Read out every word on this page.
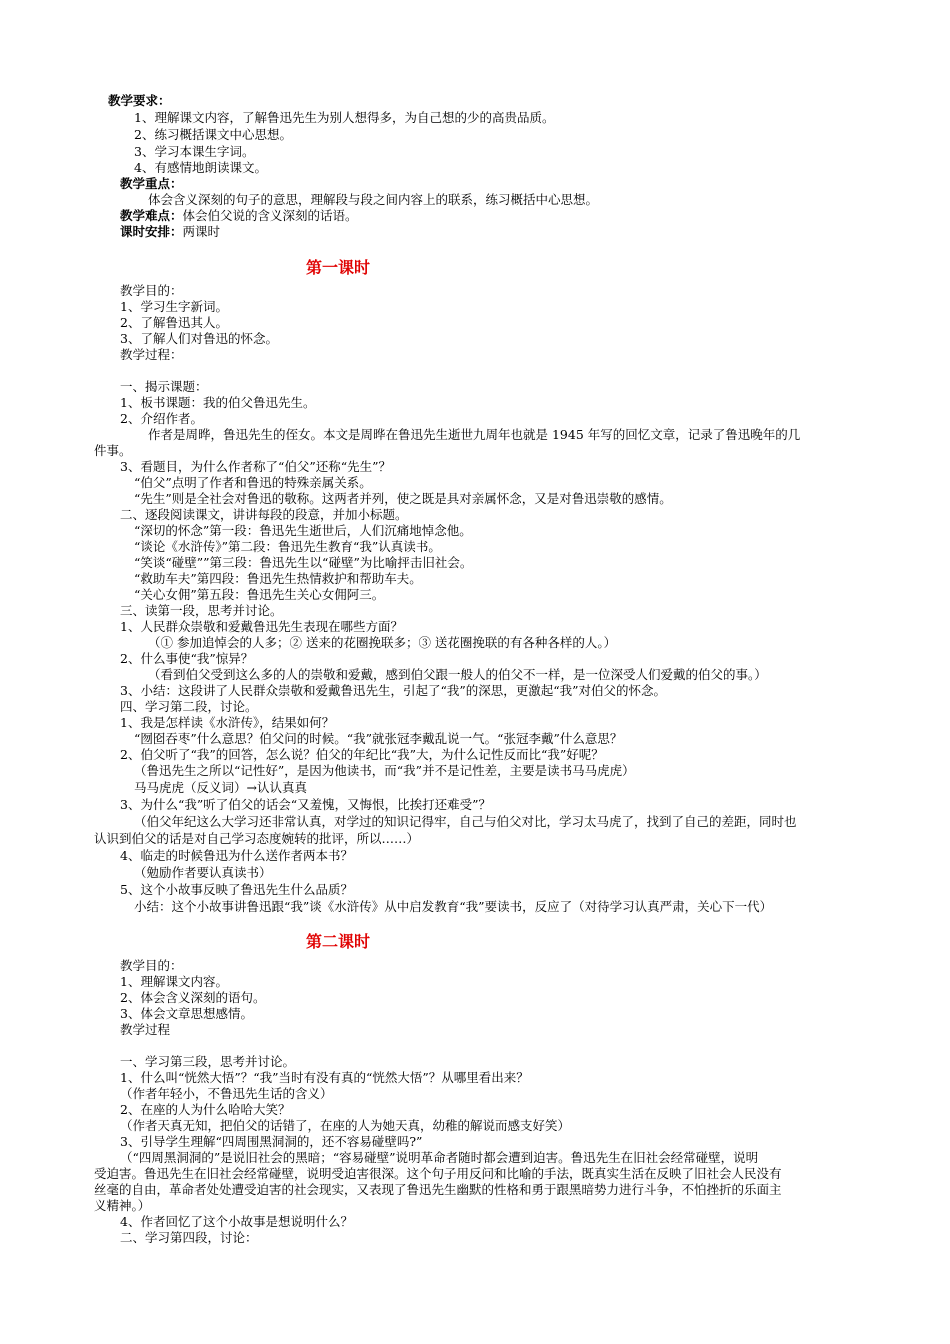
教学要求：
1、理解课文内容，了解鲁迅先生为别人想得多，为自己想的少的高贵品质。
2、练习概括课文中心思想。
3、学习本课生字词。
4、有感情地朗读课文。
教学重点：
体会含义深刻的句子的意思，理解段与段之间内容上的联系，练习概括中心思想。
教学难点：体会伯父说的含义深刻的话语。
课时安排：两课时
第一课时
教学目的：
1、学习生字新词。
2、了解鲁迅其人。
3、了解人们对鲁迅的怀念。
教学过程：
一、揭示课题：
1、板书课题：我的伯父鲁迅先生。
2、介绍作者。
作者是周晔，鲁迅先生的侄女。本文是周晔在鲁迅先生逝世九周年也就是 1945 年写的回忆文章，记录了鲁迅晚年的几
件事。
3、看题目，为什么作者称了“伯父”还称“先生”？
“伯父”点明了作者和鲁迅的特殊亲属关系。
“先生”则是全社会对鲁迅的敬称。这两者并列，使之既是具对亲属怀念，又是对鲁迅崇敬的感情。
二、逐段阅读课文，讲讲每段的段意，并加小标题。
“深切的怀念”第一段：鲁迅先生逝世后，人们沉痛地悼念他。
“谈论《水浒传》”第二段：鲁迅先生教育“我”认真读书。
“笑谈“碰壁””第三段：鲁迅先生以“碰壁”为比喻抨击旧社会。
“救助车夫”第四段：鲁迅先生热情救护和帮助车夫。
“关心女佣”第五段：鲁迅先生关心女佣阿三。
三、读第一段，思考并讨论。
1、人民群众崇敬和爱戴鲁迅先生表现在哪些方面？
（① 参加追悼会的人多；② 送来的花圈挽联多；③ 送花圈挽联的有各种各样的人。）
2、什么事使“我”惊异？
（看到伯父受到这么多的人的崇敬和爱戴，感到伯父跟一般人的伯父不一样，是一位深受人们爱戴的伯父的事。）
3、小结：这段讲了人民群众崇敬和爱戴鲁迅先生，引起了“我”的深思，更激起“我”对伯父的怀念。
四、学习第二段，讨论。
1、我是怎样读《水浒传》，结果如何？
“囫囵吞枣”什么意思？伯父问的时候。“我”就张冠李戴乱说一气。“张冠李戴”什么意思？
2、伯父听了“我”的回答，怎么说？伯父的年纪比“我”大，为什么记性反而比“我”好呢？
（鲁迅先生之所以“记性好”，是因为他读书，而“我”并不是记性差，主要是读书马马虎虎）
马马虎虎（反义词）→认认真真
3、为什么“我”听了伯父的话会“又羞愧，又悔恨，比挨打还难受”？
（伯父年纪这么大学习还非常认真，对学过的知识记得牢，自己与伯父对比，学习太马虎了，找到了自己的差距，同时也
认识到伯父的话是对自己学习态度婉转的批评，所以……）
4、临走的时候鲁迅为什么送作者两本书？
（勉励作者要认真读书）
5、这个小故事反映了鲁迅先生什么品质？
小结：这个小故事讲鲁迅跟“我”谈《水浒传》从中启发教育“我”要读书，反应了（对待学习认真严肃，关心下一代）
第二课时
教学目的：
1、理解课文内容。
2、体会含义深刻的语句。
3、体会文章思想感情。
教学过程
一、学习第三段，思考并讨论。
1、什么叫“恍然大悟”？“我”当时有没有真的“恍然大悟”？从哪里看出来？
（作者年轻小，不鲁迅先生话的含义）
2、在座的人为什么哈哈大笑？
（作者天真无知，把伯父的话错了，在座的人为她天真，幼稚的解说而感支好笑）
3、引导学生理解“四周围黑洞洞的，还不容易碰壁吗?”
（“四周黑洞洞的”是说旧社会的黑暗；“容易碰壁”说明革命者随时都会遭到迫害。鲁迅先生在旧社会经常碰壁，说明
受迫害。鲁迅先生在旧社会经常碰壁，说明受迫害很深。这个句子用反问和比喻的手法，既真实生活在反映了旧社会人民没有
丝毫的自由，革命者处处遭受迫害的社会现实，又表现了鲁迅先生幽默的性格和勇于跟黑暗势力进行斗争，不怕挫折的乐面主
义精神。）
4、作者回忆了这个小故事是想说明什么？
二、学习第四段，讨论：
